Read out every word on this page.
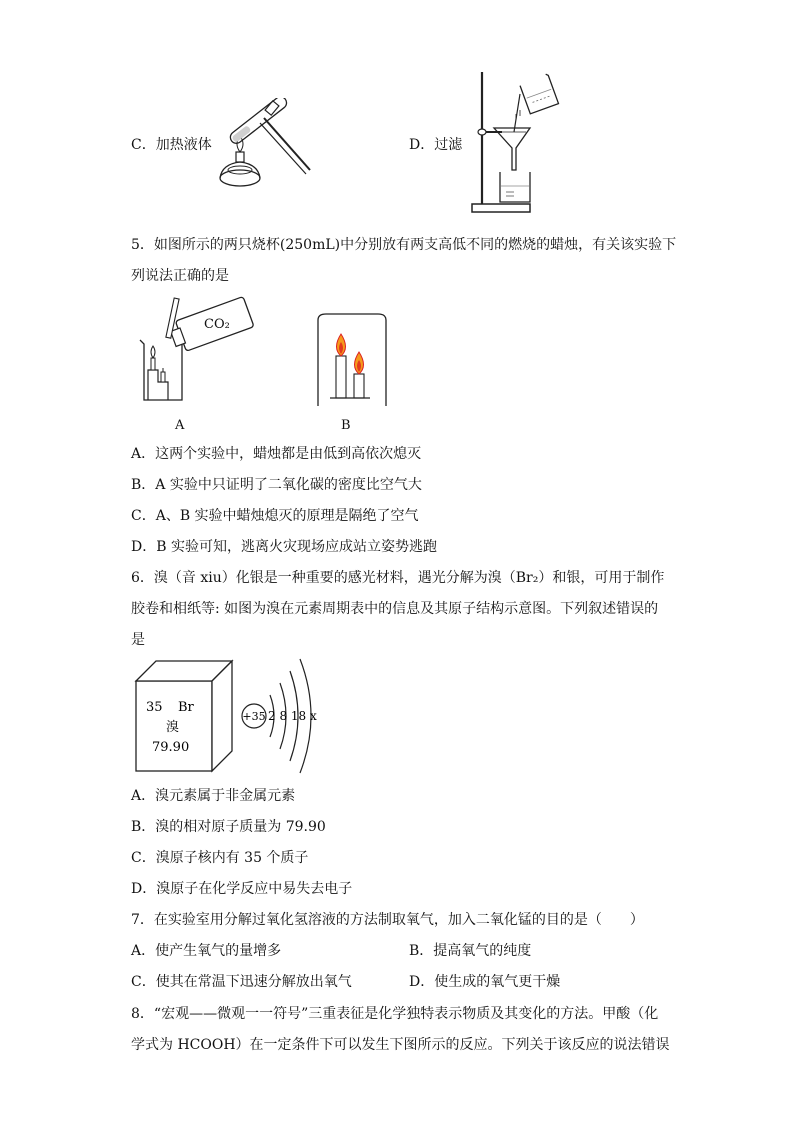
C．加热液体	D．过滤
5．如图所示的两只烧杯(250mL)中分别放有两支高低不同的燃烧的蜡烛，有关该实验下
列说法正确的是
CO₂
A	B
A．这两个实验中，蜡烛都是由低到高依次熄灭
B．A 实验中只证明了二氧化碳的密度比空气大
C．A、B 实验中蜡烛熄灭的原理是隔绝了空气
D．B 实验可知，逃离火灾现场应成站立姿势逃跑
6．溴（音 xiu）化银是一种重要的感光材料，遇光分解为溴（Br₂）和银，可用于制作
胶卷和相纸等: 如图为溴在元素周期表中的信息及其原子结构示意图。下列叙述错误的
是
35 Br
溴
79.90
+35 2 8 18 x
A．溴元素属于非金属元素
B．溴的相对原子质量为 79.90
C．溴原子核内有 35 个质子
D．溴原子在化学反应中易失去电子
7．在实验室用分解过氧化氢溶液的方法制取氧气，加入二氧化锰的目的是（　　）
A．使产生氧气的量增多	B．提高氧气的纯度
C．使其在常温下迅速分解放出氧气	D．使生成的氧气更干燥
8．“宏观——微观一一符号”三重表征是化学独特表示物质及其变化的方法。甲酸（化
学式为 HCOOH）在一定条件下可以发生下图所示的反应。下列关于该反应的说法错误
